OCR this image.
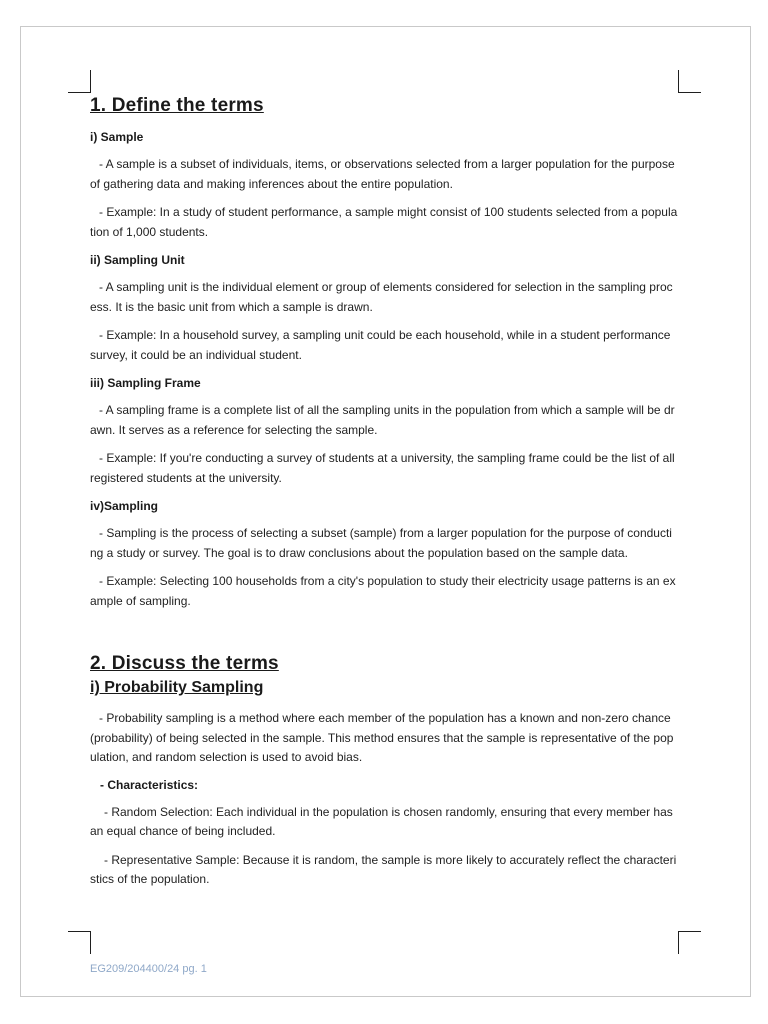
1. Define the terms
i) Sample
- A sample is a subset of individuals, items, or observations selected from a larger population for the purpose of gathering data and making inferences about the entire population.
- Example: In a study of student performance, a sample might consist of 100 students selected from a population of 1,000 students.
ii) Sampling Unit
- A sampling unit is the individual element or group of elements considered for selection in the sampling process. It is the basic unit from which a sample is drawn.
- Example: In a household survey, a sampling unit could be each household, while in a student performance survey, it could be an individual student.
iii) Sampling Frame
- A sampling frame is a complete list of all the sampling units in the population from which a sample will be drawn. It serves as a reference for selecting the sample.
- Example: If you're conducting a survey of students at a university, the sampling frame could be the list of all registered students at the university.
iv)Sampling
- Sampling is the process of selecting a subset (sample) from a larger population for the purpose of conducting a study or survey. The goal is to draw conclusions about the population based on the sample data.
- Example: Selecting 100 households from a city's population to study their electricity usage patterns is an example of sampling.
2. Discuss the terms
i) Probability Sampling
- Probability sampling is a method where each member of the population has a known and non-zero chance (probability) of being selected in the sample. This method ensures that the sample is representative of the population, and random selection is used to avoid bias.
- Characteristics:
- Random Selection: Each individual in the population is chosen randomly, ensuring that every member has an equal chance of being included.
- Representative Sample: Because it is random, the sample is more likely to accurately reflect the characteristics of the population.
EG209/204400/24 pg. 1
